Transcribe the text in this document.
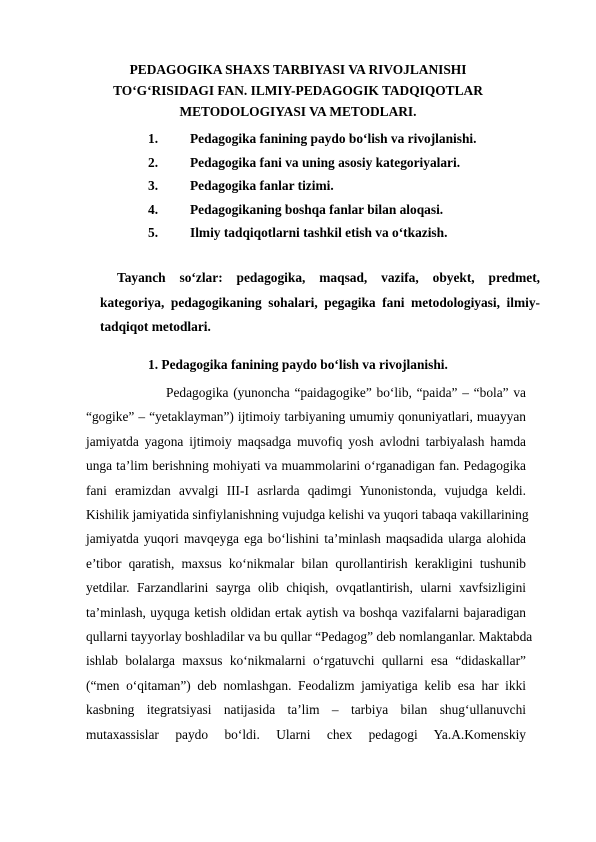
PEDAGOGIKA SHAXS TARBIYASI VA RIVOJLANISHI
TO‘G‘RISIDAGI FAN. ILMIY-PEDAGOGIK TADQIQOTLAR
METODOLOGIYASI VA METODLARI.
1. Pedagogika fanining paydo bo‘lish va rivojlanishi.
2. Pedagogika fani va uning asosiy kategoriyalari.
3. Pedagogika fanlar tizimi.
4. Pedagogikaning boshqa fanlar bilan aloqasi.
5. Ilmiy tadqiqotlarni tashkil etish va o‘tkazish.
Tayanch so‘zlar: pedagogika, maqsad, vazifa, obyekt, predmet,
kategoriya, pedagogikaning sohalari, pegagika fani metodologiyasi, ilmiy-
tadqiqot metodlari.
1. Pedagogika fanining paydo bo‘lish va rivojlanishi.
Pedagogika (yunoncha “paidagogike” bo‘lib, “paida” – “bola” va
“gogike” – “yetaklayman”) ijtimoiy tarbiyaning umumiy qonuniyatlari, muayyan
jamiyatda yagona ijtimoiy maqsadga muvofiq yosh avlodni tarbiyalash hamda
unga ta’lim berishning mohiyati va muammolarini o‘rganadigan fan. Pedagogika
fani eramizdan avvalgi III-I asrlarda qadimgi Yunonistonda, vujudga keldi.
Kishilik jamiyatida sinfiylanishning vujudga kelishi va yuqori tabaqa vakillarining
jamiyatda yuqori mavqeyga ega bo‘lishini ta’minlash maqsadida ularga alohida
e’tibor qaratish, maxsus ko‘nikmalar bilan qurollantirish kerakligini tushunib
yetdilar. Farzandlarini sayrga olib chiqish, ovqatlantirish, ularni xavfsizligini
ta’minlash, uyquga ketish oldidan ertak aytish va boshqa vazifalarni bajaradigan
qullarni tayyorlay boshladilar va bu qullar “Pedagog” deb nomlanganlar. Maktabda
ishlab bolalarga maxsus ko‘nikmalarni o‘rgatuvchi qullarni esa “didaskallar”
(“men o‘qitaman”) deb nomlashgan. Feodalizm jamiyatiga kelib esa har ikki
kasbning itegratsiyasi natijasida ta’lim – tarbiya bilan shug‘ullanuvchi
mutaxassislar paydo bo‘ldi. Ularni chex pedagogi Ya.A.Komenskiy
